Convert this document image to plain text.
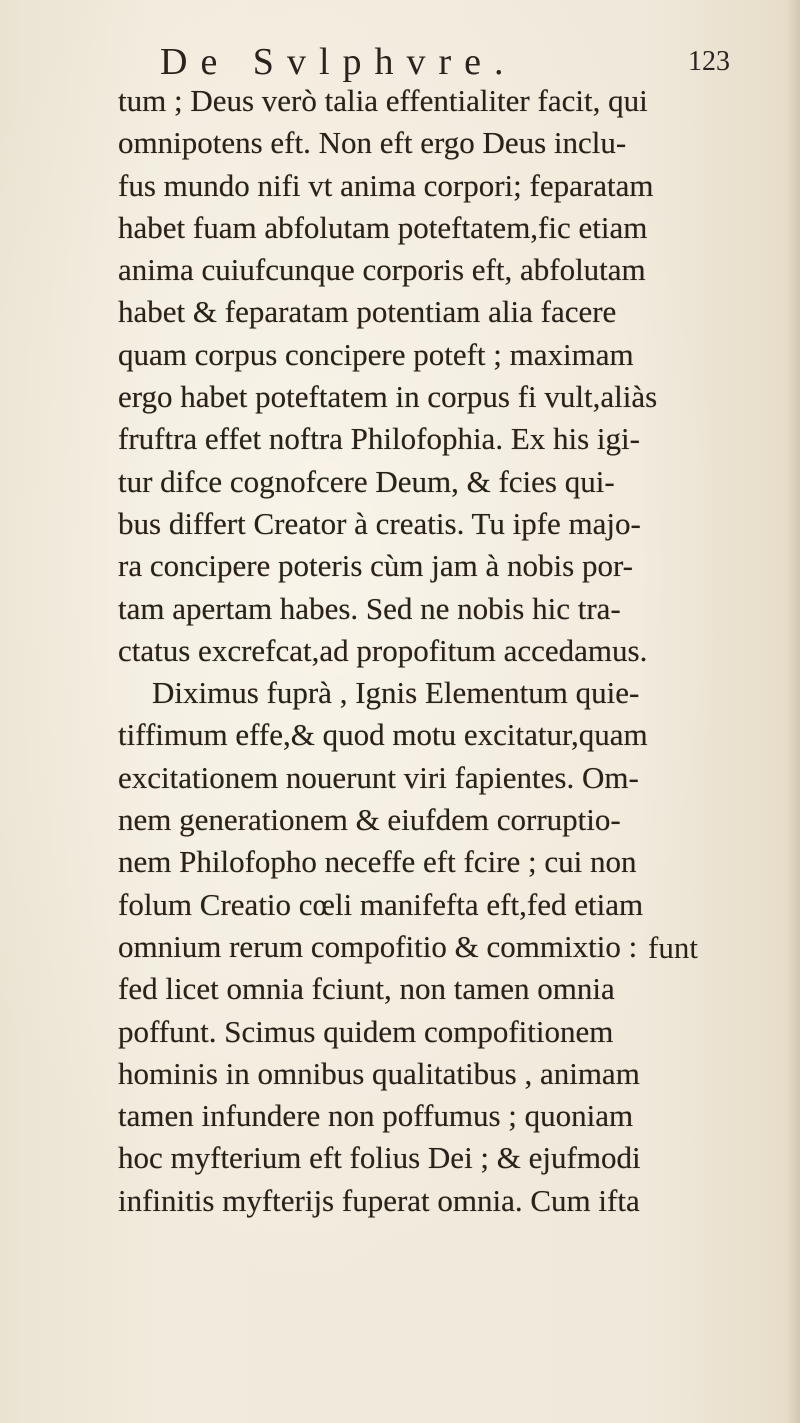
De Svlphvre.	123
tum ; Deus verò talia effentialiter facit, qui
omnipotens eft. Non eft ergo Deus inclu-
fus mundo nifi vt anima corpori; feparatam
habet fuam abfolutam poteftatem,fic etiam
anima cuiufcunque corporis eft, abfolutam
habet & feparatam potentiam alia facere
quam corpus concipere poteft ; maximam
ergo habet poteftatem in corpus fi vult,aliàs
fruftra effet noftra Philofophia. Ex his igi-
tur difce cognofcere Deum, & fcies qui-
bus differt Creator à creatis. Tu ipfe majo-
ra concipere poteris cùm jam à nobis por-
tam apertam habes. Sed ne nobis hic tra-
ctatus excrefcat,ad propofitum accedamus.
Diximus fuprà , Ignis Elementum quie-
tiffimum effe,& quod motu excitatur,quam
excitationem nouerunt viri fapientes. Om-
nem generationem & eiufdem corruptio-
nem Philofopho neceffe eft fcire ; cui non
folum Creatio cœli manifefta eft,fed etiam
omnium rerum compofitio & commixtio :
fed licet omnia fciunt, non tamen omnia
poffunt. Scimus quidem compofitionem
hominis in omnibus qualitatibus , animam
tamen infundere non poffumus ; quoniam
hoc myfterium eft folius Dei ; & ejufmodi
infinitis myfterijs fuperat omnia. Cum ifta
funt
